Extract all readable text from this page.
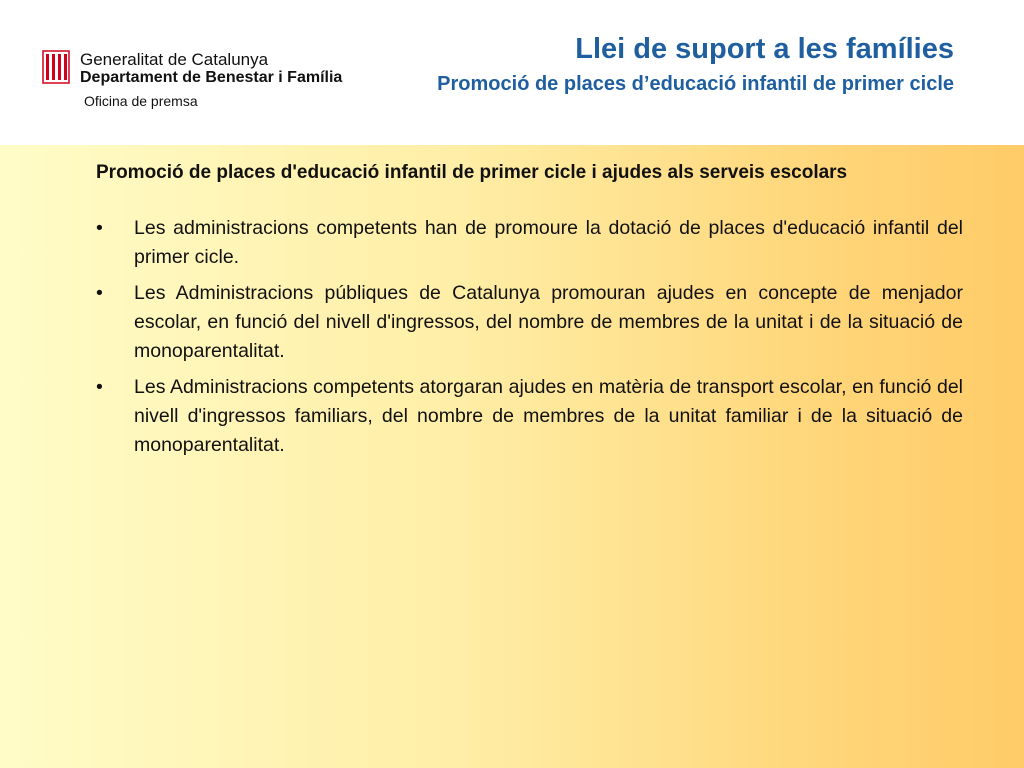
Generalitat de Catalunya
Departament de Benestar i Família
Oficina de premsa
Llei de suport a les famílies
Promoció de places d’educació infantil de primer cicle

Promoció de places d'educació infantil de primer cicle i ajudes als serveis escolars

• Les administracions competents han de promoure la dotació de places d'educació infantil del primer cicle.
• Les Administracions públiques de Catalunya promouran ajudes en concepte de menjador escolar, en funció del nivell d'ingressos, del nombre de membres de la unitat i de la situació de monoparentalitat.
• Les Administracions competents atorgaran ajudes en matèria de transport escolar, en funció del nivell d'ingressos familiars, del nombre de membres de la unitat familiar i de la situació de monoparentalitat.
